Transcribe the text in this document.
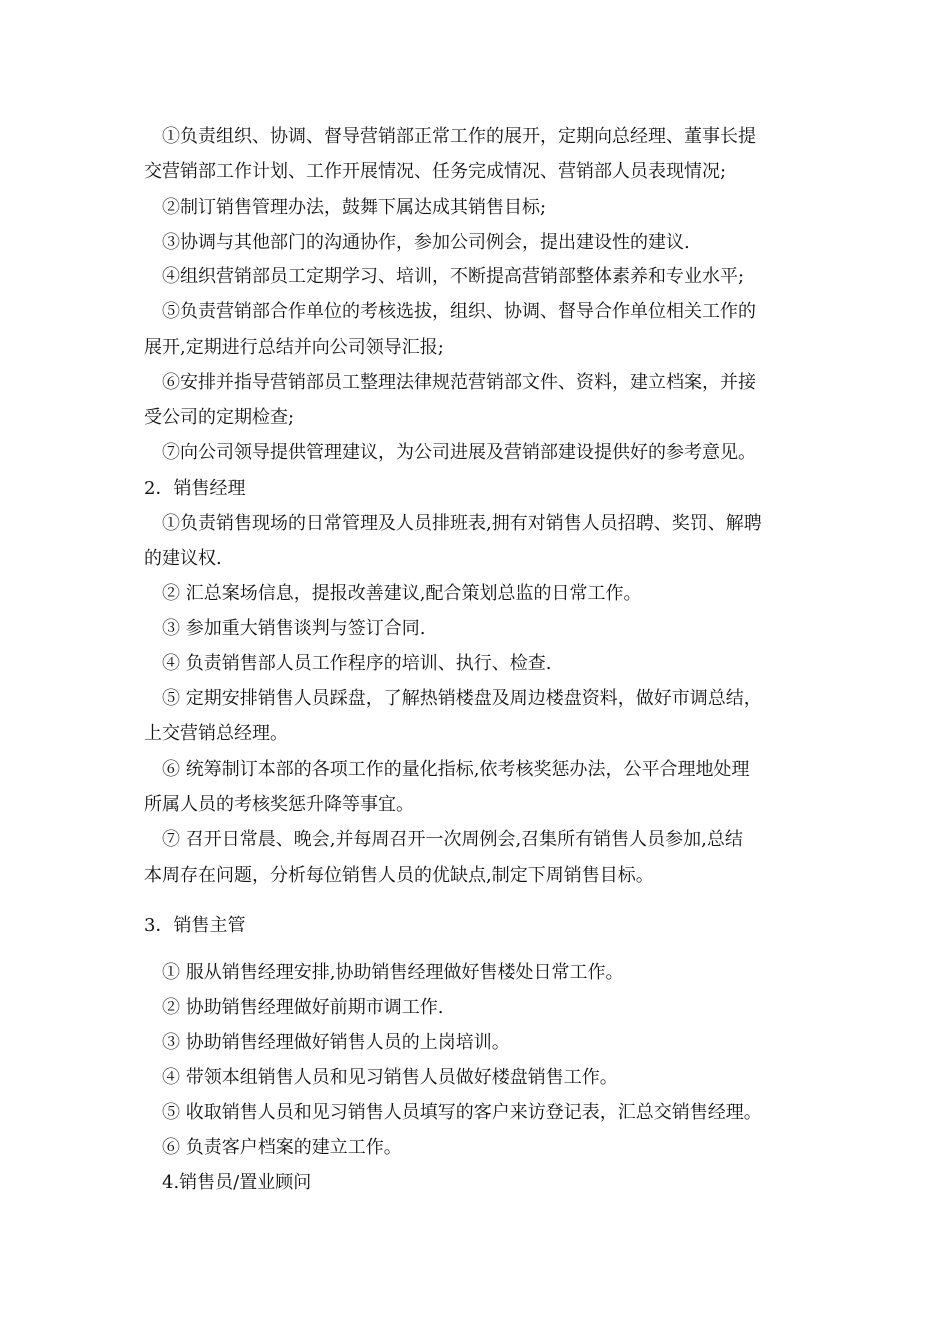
①负责组织、协调、督导营销部正常工作的展开，定期向总经理、董事长提
交营销部工作计划、工作开展情况、任务完成情况、营销部人员表现情况;
②制订销售管理办法，鼓舞下属达成其销售目标;
③协调与其他部门的沟通协作，参加公司例会，提出建设性的建议.
④组织营销部员工定期学习、培训，不断提高营销部整体素养和专业水平;
⑤负责营销部合作单位的考核选拔，组织、协调、督导合作单位相关工作的
展开,定期进行总结并向公司领导汇报;
⑥安排并指导营销部员工整理法律规范营销部文件、资料，建立档案，并接
受公司的定期检查;
⑦向公司领导提供管理建议，为公司进展及营销部建设提供好的参考意见。
2．销售经理
①负责销售现场的日常管理及人员排班表,拥有对销售人员招聘、奖罚、解聘
的建议权.
② 汇总案场信息，提报改善建议,配合策划总监的日常工作。
③ 参加重大销售谈判与签订合同.
④ 负责销售部人员工作程序的培训、执行、检查.
⑤ 定期安排销售人员踩盘，了解热销楼盘及周边楼盘资料，做好市调总结，
上交营销总经理。
⑥ 统筹制订本部的各项工作的量化指标,依考核奖惩办法，公平合理地处理
所属人员的考核奖惩升降等事宜。
⑦ 召开日常晨、晚会,并每周召开一次周例会,召集所有销售人员参加,总结
本周存在问题，分析每位销售人员的优缺点,制定下周销售目标。
3．销售主管
① 服从销售经理安排,协助销售经理做好售楼处日常工作。
② 协助销售经理做好前期市调工作.
③ 协助销售经理做好销售人员的上岗培训。
④ 带领本组销售人员和见习销售人员做好楼盘销售工作。
⑤ 收取销售人员和见习销售人员填写的客户来访登记表，汇总交销售经理。
⑥ 负责客户档案的建立工作。
4.销售员/置业顾问
